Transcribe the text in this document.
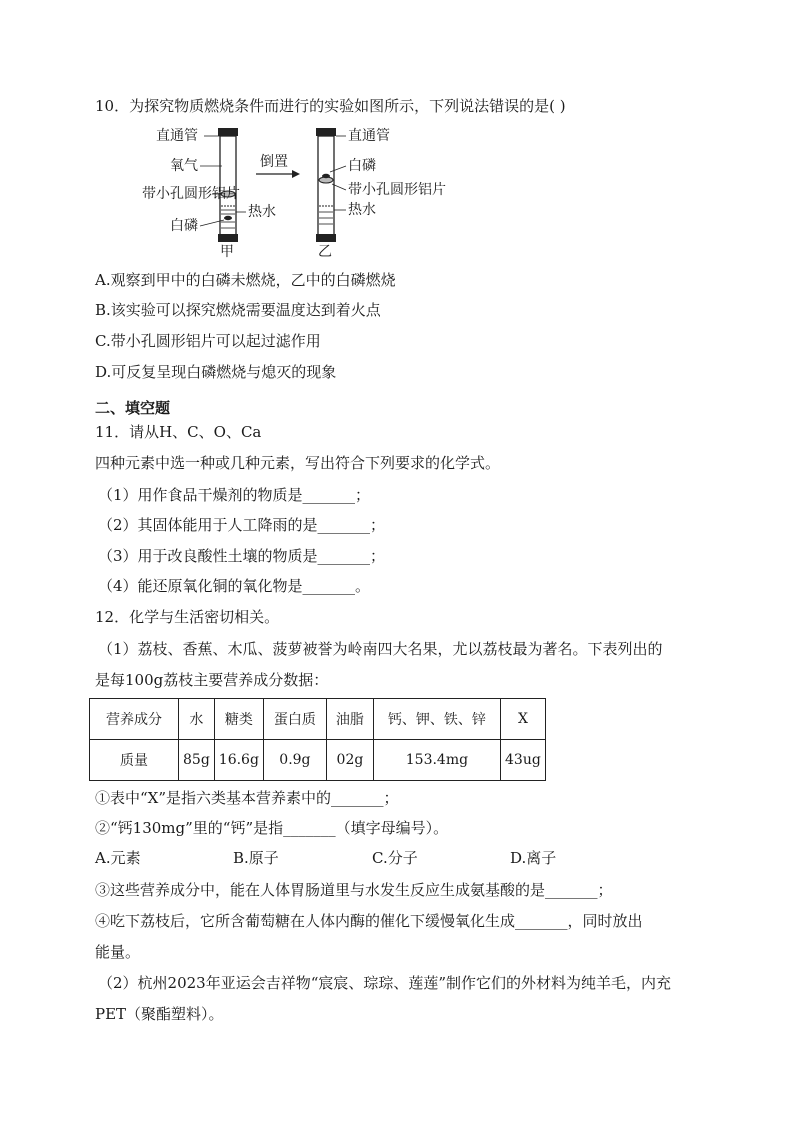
10．为探究物质燃烧条件而进行的实验如图所示，下列说法错误的是( )
直通管
氧气
带小孔圆形铝片
白磷
热水
甲
倒置
直通管
白磷
带小孔圆形铝片
热水
乙
A.观察到甲中的白磷未燃烧，乙中的白磷燃烧
B.该实验可以探究燃烧需要温度达到着火点
C.带小孔圆形铝片可以起过滤作用
D.可反复呈现白磷燃烧与熄灭的现象
二、填空题
11．请从H、C、O、Ca
四种元素中选一种或几种元素，写出符合下列要求的化学式。
（1）用作食品干燥剂的物质是_______；
（2）其固体能用于人工降雨的是_______；
（3）用于改良酸性土壤的物质是_______；
（4）能还原氧化铜的氧化物是_______。
12．化学与生活密切相关。
（1）荔枝、香蕉、木瓜、菠萝被誉为岭南四大名果，尤以荔枝最为著名。下表列出的
是每100g荔枝主要营养成分数据：
营养成分	水	糖类	蛋白质	油脂	钙、钾、铁、锌	X
质量	85g	16.6g	0.9g	02g	153.4mg	43ug
①表中“X”是指六类基本营养素中的_______；
②“钙130mg”里的“钙”是指_______（填字母编号）。
A.元素	B.原子	C.分子	D.离子
③这些营养成分中，能在人体胃肠道里与水发生反应生成氨基酸的是_______；
④吃下荔枝后，它所含葡萄糖在人体内酶的催化下缓慢氧化生成_______，同时放出
能量。
（2）杭州2023年亚运会吉祥物“宸宸、琮琮、莲莲”制作它们的外材料为纯羊毛，内充
PET（聚酯塑料）。
